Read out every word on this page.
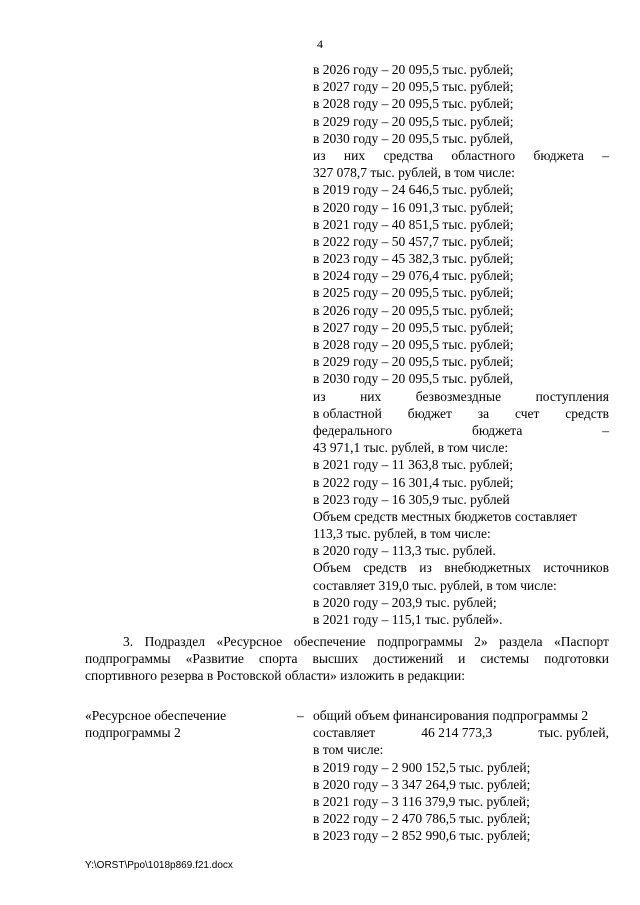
4
в 2026 году – 20 095,5 тыс. рублей;
в 2027 году – 20 095,5 тыс. рублей;
в 2028 году – 20 095,5 тыс. рублей;
в 2029 году – 20 095,5 тыс. рублей;
в 2030 году – 20 095,5 тыс. рублей,
из них средства областного бюджета –
327 078,7 тыс. рублей, в том числе:
в 2019 году – 24 646,5 тыс. рублей;
в 2020 году – 16 091,3 тыс. рублей;
в 2021 году – 40 851,5 тыс. рублей;
в 2022 году – 50 457,7 тыс. рублей;
в 2023 году – 45 382,3 тыс. рублей;
в 2024 году – 29 076,4 тыс. рублей;
в 2025 году – 20 095,5 тыс. рублей;
в 2026 году – 20 095,5 тыс. рублей;
в 2027 году – 20 095,5 тыс. рублей;
в 2028 году – 20 095,5 тыс. рублей;
в 2029 году – 20 095,5 тыс. рублей;
в 2030 году – 20 095,5 тыс. рублей,
из	них	безвозмездные	поступления
в областной бюджет за счет средств
федерального	бюджета	–
43 971,1 тыс. рублей, в том числе:
в 2021 году – 11 363,8 тыс. рублей;
в 2022 году – 16 301,4 тыс. рублей;
в 2023 году – 16 305,9 тыс. рублей
Объем средств местных бюджетов составляет
113,3 тыс. рублей, в том числе:
в 2020 году – 113,3 тыс. рублей.
Объем средств из внебюджетных источников
составляет 319,0 тыс. рублей, в том числе:
в 2020 году – 203,9 тыс. рублей;
в 2021 году – 115,1 тыс. рублей».
3. Подраздел «Ресурсное обеспечение подпрограммы 2» раздела «Паспорт
подпрограммы «Развитие спорта высших достижений и системы подготовки
спортивного резерва в Ростовской области» изложить в редакции:
«Ресурсное обеспечение
подпрограммы 2
– общий объем финансирования подпрограммы 2
составляет	46 214 773,3	тыс. рублей,
в том числе:
в 2019 году – 2 900 152,5 тыс. рублей;
в 2020 году – 3 347 264,9 тыс. рублей;
в 2021 году – 3 116 379,9 тыс. рублей;
в 2022 году – 2 470 786,5 тыс. рублей;
в 2023 году – 2 852 990,6 тыс. рублей;
Y:\ORST\Ppo\1018p869.f21.docx
